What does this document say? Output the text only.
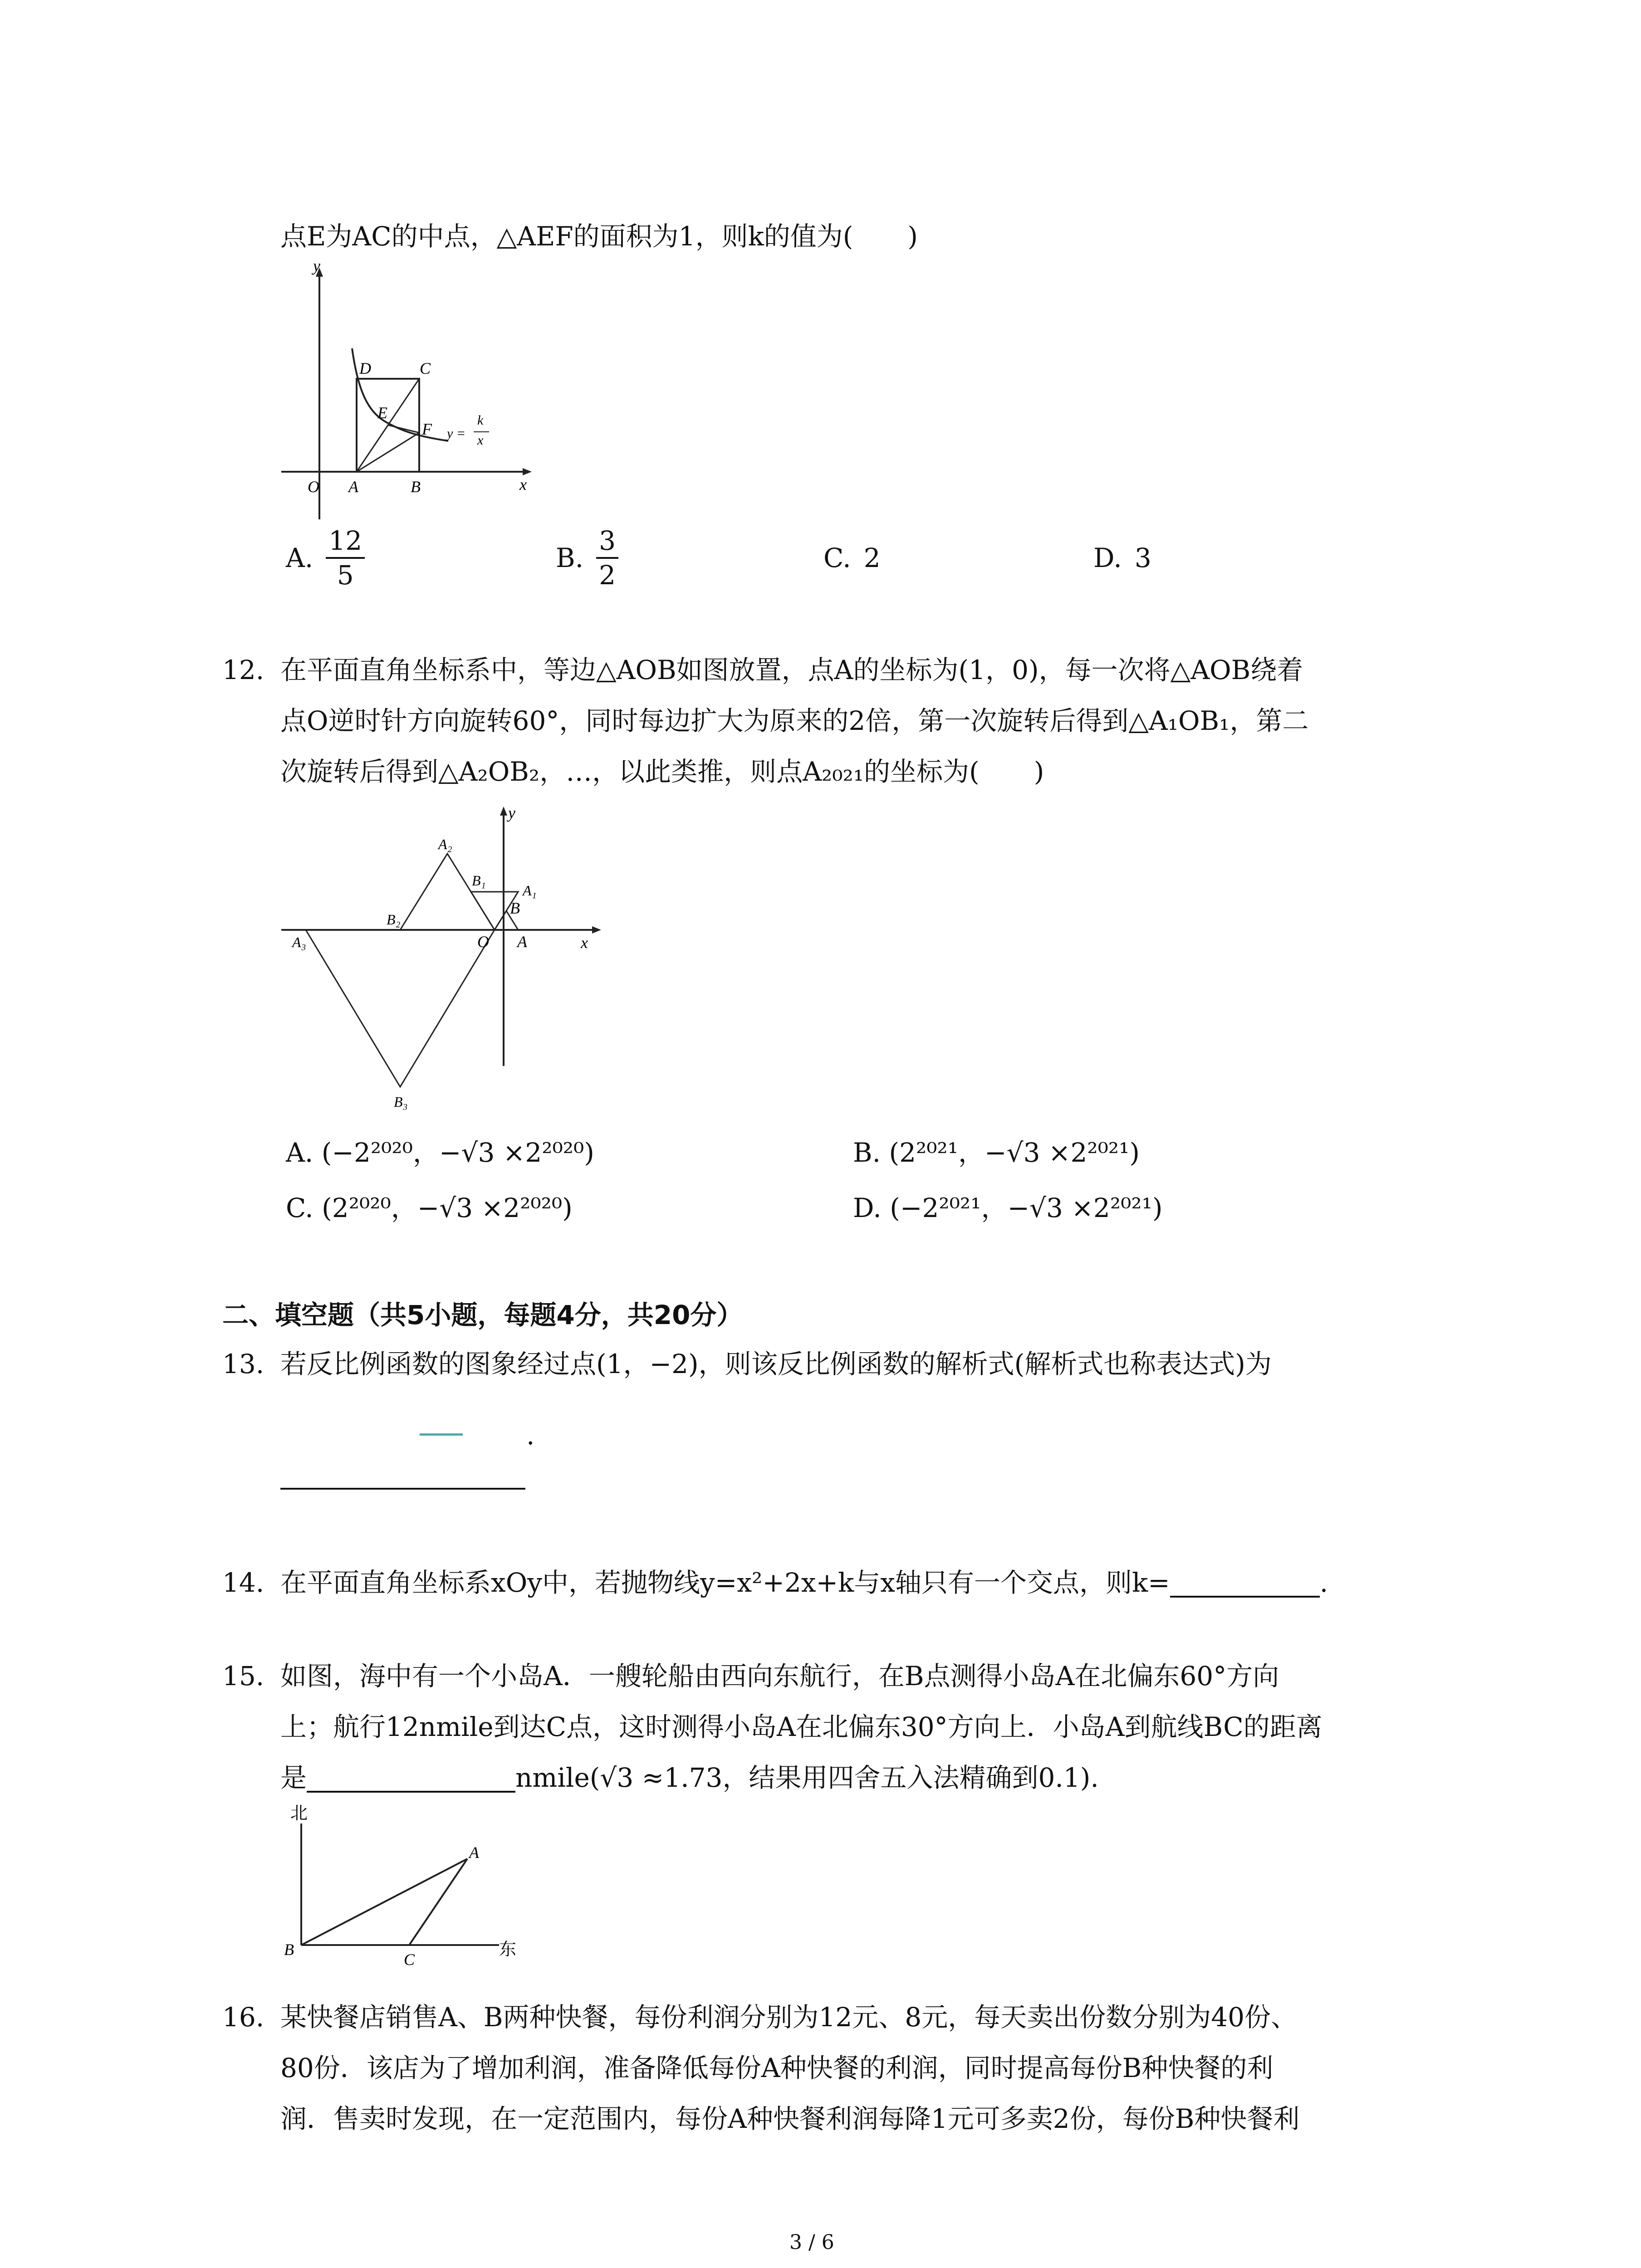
点E为AC的中点，△AEF的面积为1，则k的值为( )
y
x
O A	B
C
D
E
F y =
k
x
A. $\frac{12}{5}$	B. $\frac{3}{2}$	C. 2	D. 3
12. 在平面直角坐标系中，等边△AOB如图放置，点A的坐标为(1，0)，每一次将△AOB绕着
点O逆时针方向旋转60°，同时每边扩大为原来的2倍，第一次旋转后得到△A₁OB₁，第二
次旋转后得到△A₂OB₂，…，以此类推，则点A₂₀₂₁的坐标为( )
y
x
O A
B
A₁
B₁
A₂
B₂
A₃
B₃
A. (−2²⁰²⁰，−√3 ×2²⁰²⁰)	B. (2²⁰²¹，−√3 ×2²⁰²¹)
C. (2²⁰²⁰，−√3 ×2²⁰²⁰)	D. (−2²⁰²¹，−√3 ×2²⁰²¹)
二、填空题（共5小题，每题4分，共20分）
13. 若反比例函数的图象经过点(1，−2)，则该反比例函数的解析式(解析式也称表达式)为
.
14. 在平面直角坐标系xOy中，若抛物线y=x²+2x+k与x轴只有一个交点，则k=	.
15. 如图，海中有一个小岛A．一艘轮船由西向东航行，在B点测得小岛A在北偏东60°方向
上；航行12nmile到达C点，这时测得小岛A在北偏东30°方向上．小岛A到航线BC的距离
是	nmile(√3 ≈1.73，结果用四舍五入法精确到0.1).
北
东
A
B
C
16. 某快餐店销售A、B两种快餐，每份利润分别为12元、8元，每天卖出份数分别为40份、
80份．该店为了增加利润，准备降低每份A种快餐的利润，同时提高每份B种快餐的利
润．售卖时发现，在一定范围内，每份A种快餐利润每降1元可多卖2份，每份B种快餐利
3 / 6
